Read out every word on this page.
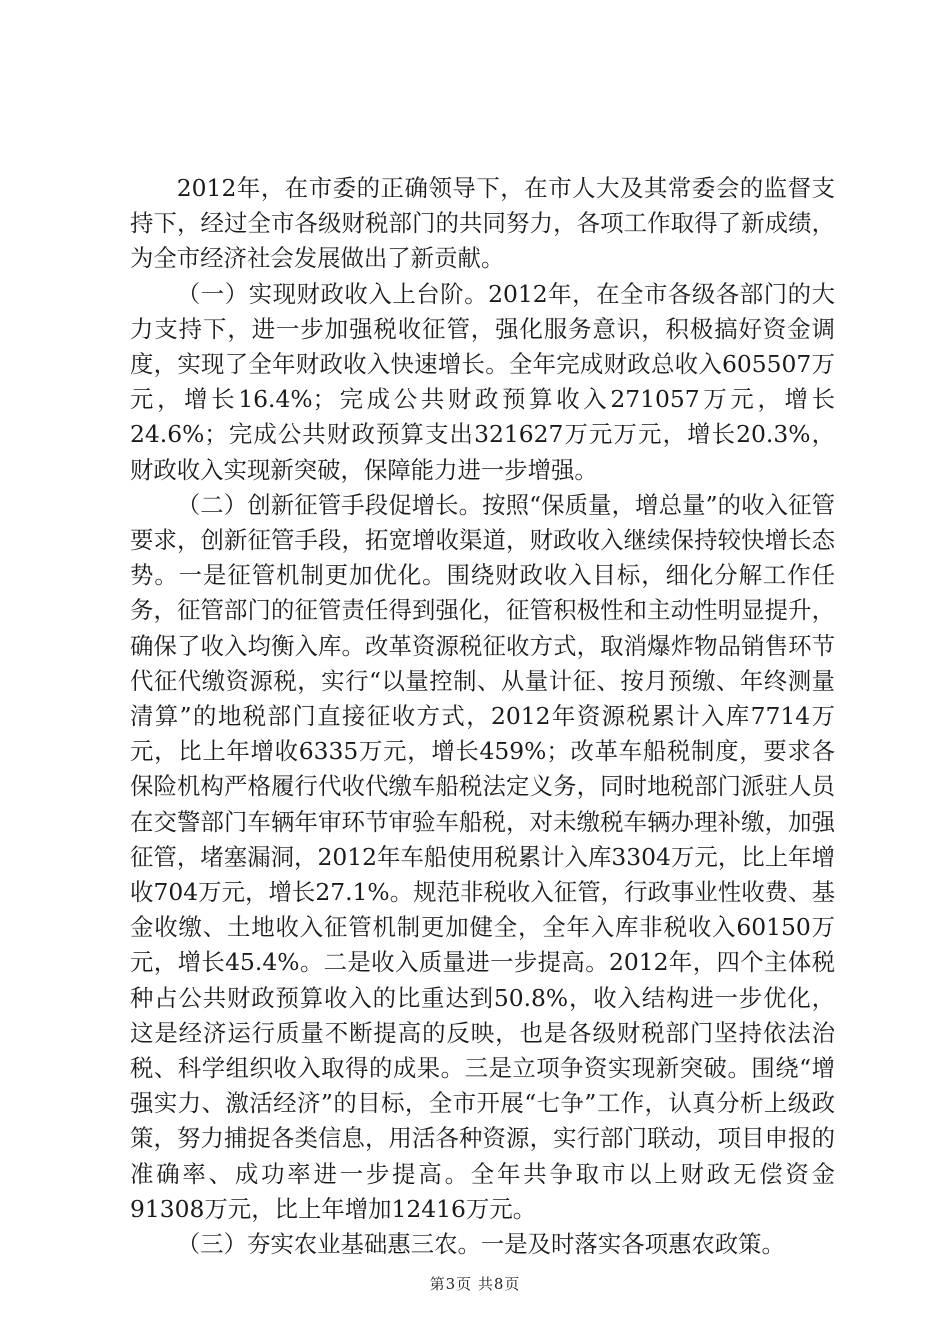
2012年，在市委的正确领导下，在市人大及其常委会的监督支持下，经过全市各级财税部门的共同努力，各项工作取得了新成绩，为全市经济社会发展做出了新贡献。

（一）实现财政收入上台阶。2012年，在全市各级各部门的大力支持下，进一步加强税收征管，强化服务意识，积极搞好资金调度，实现了全年财政收入快速增长。全年完成财政总收入605507万元，增长16.4%；完成公共财政预算收入271057万元，增长24.6%；完成公共财政预算支出321627万元万元，增长20.3%，财政收入实现新突破，保障能力进一步增强。

（二）创新征管手段促增长。按照“保质量，增总量”的收入征管要求，创新征管手段，拓宽增收渠道，财政收入继续保持较快增长态势。一是征管机制更加优化。围绕财政收入目标，细化分解工作任务，征管部门的征管责任得到强化，征管积极性和主动性明显提升，确保了收入均衡入库。改革资源税征收方式，取消爆炸物品销售环节代征代缴资源税，实行“以量控制、从量计征、按月预缴、年终测量清算”的地税部门直接征收方式，2012年资源税累计入库7714万元，比上年增收6335万元，增长459%；改革车船税制度，要求各保险机构严格履行代收代缴车船税法定义务，同时地税部门派驻人员在交警部门车辆年审环节审验车船税，对未缴税车辆办理补缴，加强征管，堵塞漏洞，2012年车船使用税累计入库3304万元，比上年增收704万元，增长27.1%。规范非税收入征管，行政事业性收费、基金收缴、土地收入征管机制更加健全，全年入库非税收入60150万元，增长45.4%。二是收入质量进一步提高。2012年，四个主体税种占公共财政预算收入的比重达到50.8%，收入结构进一步优化，这是经济运行质量不断提高的反映，也是各级财税部门坚持依法治税、科学组织收入取得的成果。三是立项争资实现新突破。围绕“增强实力、激活经济”的目标，全市开展“七争”工作，认真分析上级政策，努力捕捉各类信息，用活各种资源，实行部门联动，项目申报的准确率、成功率进一步提高。全年共争取市以上财政无偿资金91308万元，比上年增加12416万元。

（三）夯实农业基础惠三农。一是及时落实各项惠农政策。

第3页 共8页
